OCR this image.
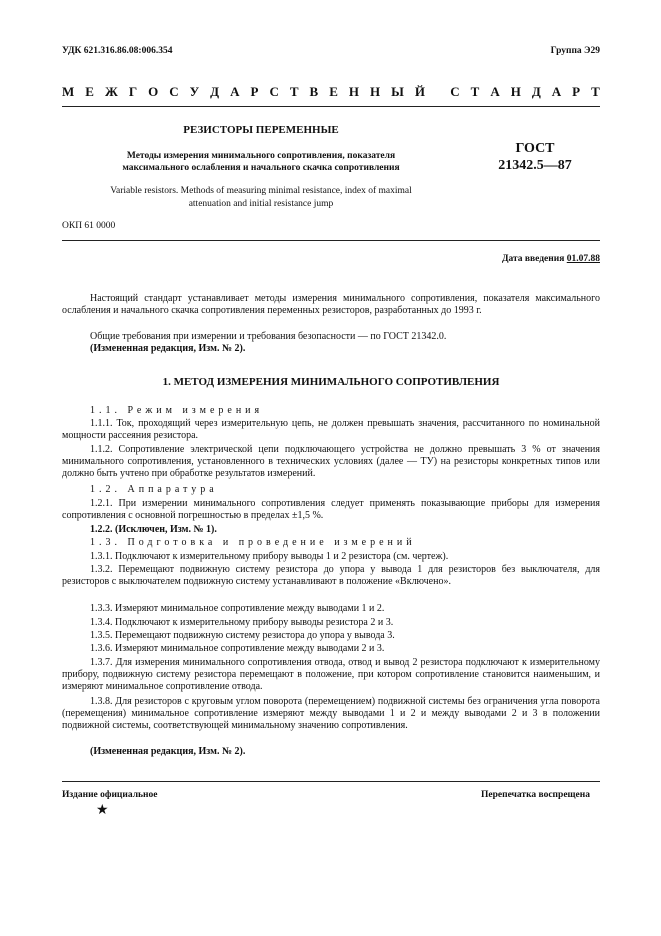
УДК 621.316.86.08:006.354	Группа Э29
М Е Ж Г О С У Д А Р С Т В Е Н Н Ы Й
С Т А Н Д А Р Т
РЕЗИСТОРЫ ПЕРЕМЕННЫЕ
Методы измерения минимального сопротивления, показателя
максимального ослабления и начального скачка сопротивления
Variable resistors. Methods of measuring minimal resistance, index of maximal
attenuation and initial resistance jump
ГОСТ
21342.5—87
ОКП 61 0000
Дата введения 01.07.88
Настоящий стандарт устанавливает методы измерения минимального сопротивления, показателя максимального ослабления и начального скачка сопротивления переменных резисторов, разработанных до 1993 г.
Общие требования при измерении и требования безопасности — по ГОСТ 21342.0.
(Измененная редакция, Изм. № 2).
1. МЕТОД ИЗМЕРЕНИЯ МИНИМАЛЬНОГО СОПРОТИВЛЕНИЯ
1.1. Режим измерения
1.1.1. Ток, проходящий через измерительную цепь, не должен превышать значения, рассчитанного по номинальной мощности рассеяния резистора.
1.1.2. Сопротивление электрической цепи подключающего устройства не должно превышать 3 % от значения минимального сопротивления, установленного в технических условиях (далее — ТУ) на резисторы конкретных типов или должно быть учтено при обработке результатов измерений.
1.2. Аппаратура
1.2.1. При измерении минимального сопротивления следует применять показывающие приборы для измерения сопротивления с основной погрешностью в пределах ±1,5 %.
1.2.2. (Исключен, Изм. № 1).
1.3. Подготовка и проведение измерений
1.3.1. Подключают к измерительному прибору выводы 1 и 2 резистора (см. чертеж).
1.3.2. Перемещают подвижную систему резистора до упора у вывода 1 для резисторов без выключателя, для резисторов с выключателем подвижную систему устанавливают в положение «Включено».
1.3.3. Измеряют минимальное сопротивление между выводами 1 и 2.
1.3.4. Подключают к измерительному прибору выводы резистора 2 и 3.
1.3.5. Перемещают подвижную систему резистора до упора у вывода 3.
1.3.6. Измеряют минимальное сопротивление между выводами 2 и 3.
1.3.7. Для измерения минимального сопротивления отвода, отвод и вывод 2 резистора подключают к измерительному прибору, подвижную систему резистора перемещают в положение, при котором сопротивление становится наименьшим, и измеряют минимальное сопротивление отвода.
1.3.8. Для резисторов с круговым углом поворота (перемещением) подвижной системы без ограничения угла поворота (перемещения) минимальное сопротивление измеряют между выводами 1 и 2 и между выводами 2 и 3 в положении подвижной системы, соответствующей минимальному значению сопротивления.
(Измененная редакция, Изм. № 2).
Издание официальное	Перепечатка воспрещена
★
